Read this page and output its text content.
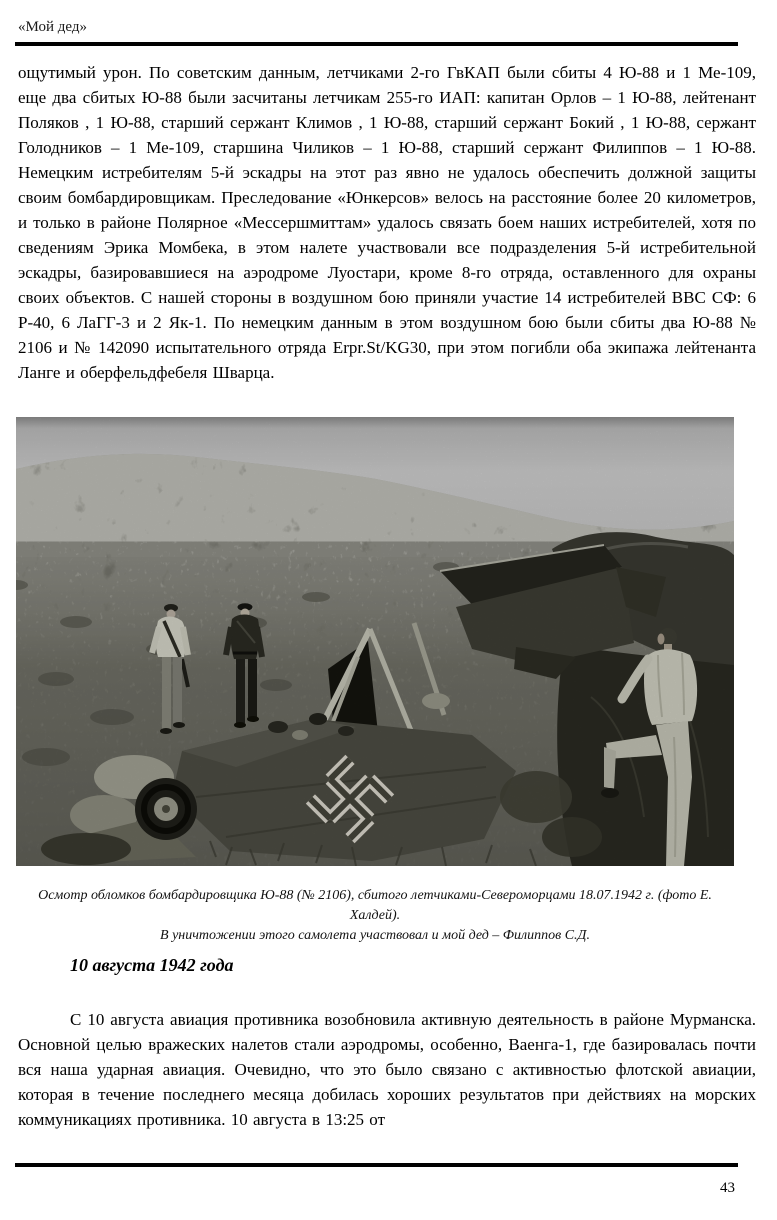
«Мой дед»
ощутимый урон. По советским данным, летчиками 2-го ГвКАП были сбиты 4 Ю-88 и 1 Ме-109, еще два сбитых Ю-88 были засчитаны летчикам 255-го ИАП: капитан Орлов – 1 Ю-88, лейтенант Поляков , 1 Ю-88, старший сержант Климов , 1 Ю-88, старший сержант Бокий , 1 Ю-88, сержант Голодников – 1 Ме-109, старшина Чиликов – 1 Ю-88, старший сержант Филиппов – 1 Ю-88. Немецким истребителям 5-й эскадры на этот раз явно не удалось обеспечить должной защиты своим бомбардировщикам. Преследование «Юнкерсов» велось на расстояние более 20 километров, и только в районе Полярное «Мессершмиттам» удалось связать боем наших истребителей, хотя по сведениям Эрика Момбека, в этом налете участвовали все подразделения 5-й истребительной эскадры, базировавшиеся на аэродроме Луостари, кроме 8-го отряда, оставленного для охраны своих объектов. С нашей стороны в воздушном бою приняли участие 14 истребителей ВВС СФ: 6 Р-40, 6 ЛаГГ-3 и 2 Як-1. По немецким данным в этом воздушном бою были сбиты два Ю-88 № 2106 и № 142090 испытательного отряда Erpr.St/KG30, при этом погибли оба экипажа лейтенанта Ланге и оберфельдфебеля Шварца.
Осмотр обломков бомбардировщика Ю-88 (№ 2106), сбитого летчиками-Североморцами 18.07.1942 г. (фото Е. Халдей).
В уничтожении этого самолета участвовал и мой дед – Филиппов С.Д.
10 августа 1942 года
С 10 августа авиация противника возобновила активную деятельность в районе Мурманска. Основной целью вражеских налетов стали аэродромы, особенно, Ваенга-1, где базировалась почти вся наша ударная авиация. Очевидно, что это было связано с активностью флотской авиации, которая в течение последнего месяца добилась хороших результатов при действиях на морских коммуникациях противника. 10 августа в 13:25 от
43
